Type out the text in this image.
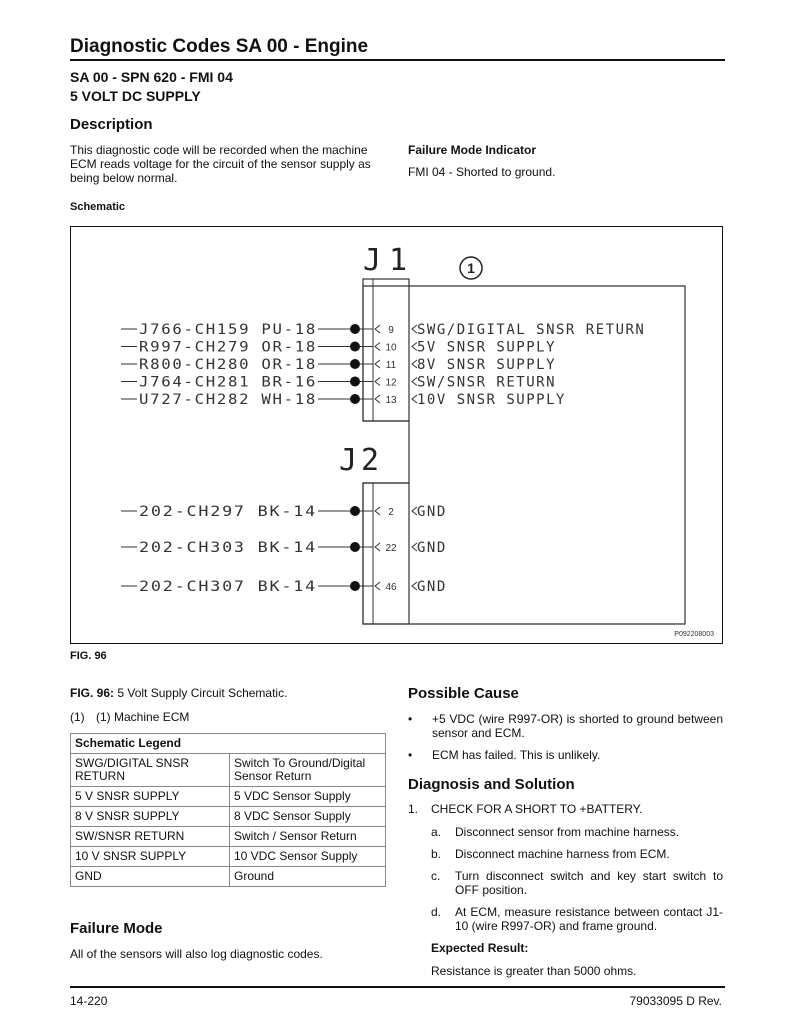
Diagnostic Codes SA 00 - Engine
SA 00 - SPN 620 - FMI 04
5 VOLT DC SUPPLY
Description
This diagnostic code will be recorded when the machine ECM reads voltage for the circuit of the sensor supply as being below normal.
Failure Mode Indicator
FMI 04 - Shorted to ground.
Schematic
J1
J2
1
P092208003
J766-CH159 PU-18	9 SWG/DIGITAL SNSR RETURN
R997-CH279 OR-18	10 5V SNSR SUPPLY
R800-CH280 OR-18	11 8V SNSR SUPPLY
J764-CH281 BR-16	12 SW/SNSR RETURN
U727-CH282 WH-18	13 10V SNSR SUPPLY
202-CH297 BK-14	2 GND
202-CH303 BK-14	22 GND
202-CH307 BK-14	46 GND
FIG. 96
FIG. 96: 5 Volt Supply Circuit Schematic.
(1) (1) Machine ECM
Schematic Legend	
SWG/DIGITAL SNSR RETURN	Switch To Ground/Digital Sensor Return
5 V SNSR SUPPLY	5 VDC Sensor Supply
8 V SNSR SUPPLY	8 VDC Sensor Supply
SW/SNSR RETURN	Switch / Sensor Return
10 V SNSR SUPPLY	10 VDC Sensor Supply
GND	Ground
Failure Mode
All of the sensors will also log diagnostic codes.
Possible Cause
• +5 VDC (wire R997-OR) is shorted to ground between sensor and ECM.
• ECM has failed. This is unlikely.
Diagnosis and Solution
1. CHECK FOR A SHORT TO +BATTERY.
a. Disconnect sensor from machine harness.
b. Disconnect machine harness from ECM.
c. Turn disconnect switch and key start switch to OFF position.
d. At ECM, measure resistance between contact J1-10 (wire R997-OR) and frame ground.
Expected Result:
Resistance is greater than 5000 ohms.
14-220	79033095 D Rev.
